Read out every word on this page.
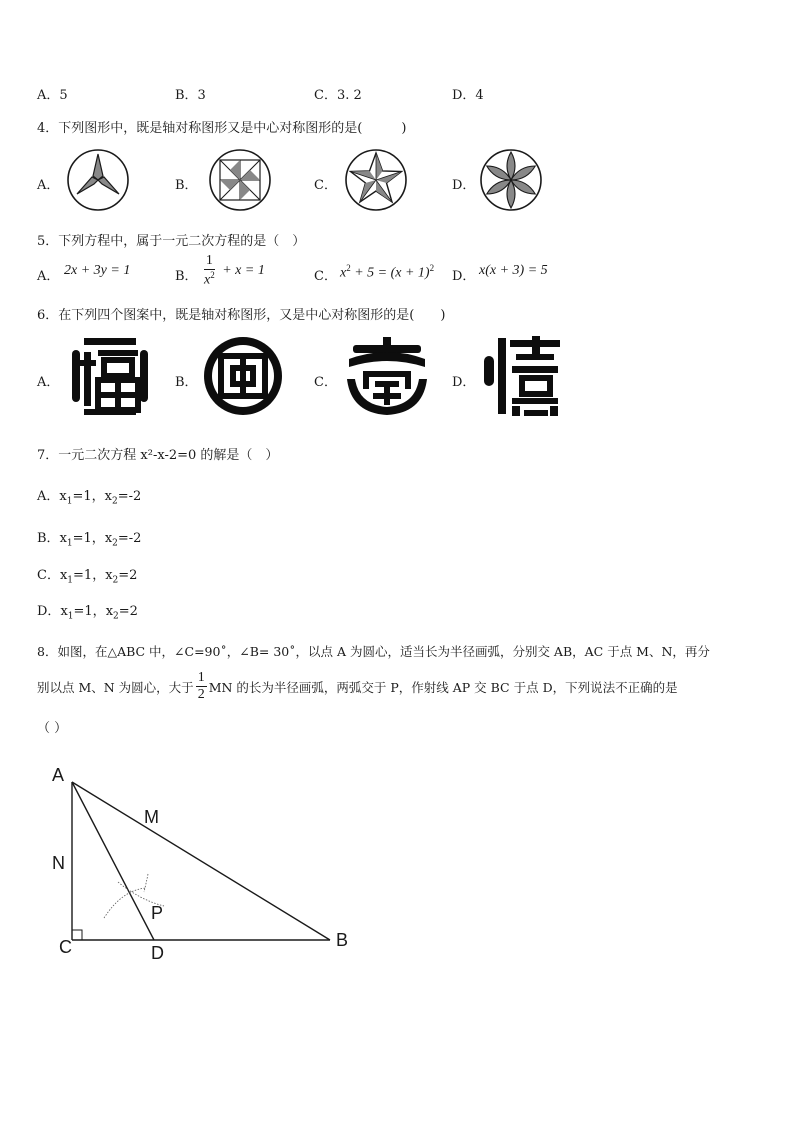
A．5	B．3	C．3. 2	D．4
4．下列图形中，既是轴对称图形又是中心对称图形的是(　　　)
A．	B．	C．	D．
5．下列方程中，属于一元二次方程的是（　）
A． 2x + 3y = 1	B． $\frac{1}{x^2} + x = 1$	C． $x^2 + 5 = (x + 1)^2$
D． x(x + 3) = 5
6．在下列四个图案中，既是轴对称图形，又是中心对称图形的是(　　)
A．	B．	C．	D．
7．一元二次方程 x²-x-2=0 的解是（　）
A．$x_1=1$，$x_2=-2$
B．$x_1=1$，$x_2=-2$
C．$x_1=1$，$x_2=2$
D．$x_1=1$，$x_2=2$
8．如图，在△ABC 中，∠C=90˚，∠B= 30˚，以点 A 为圆心，适当长为半径画弧，分别交 AB，AC 于点 M、N，再分
别以点 M、N 为圆心，大于 $\frac{1}{2}$ MN 的长为半径画弧，两弧交于 P，作射线 AP 交 BC 于点 D，下列说法不正确的是
（ ）
A
M
N
P
C	D
B
